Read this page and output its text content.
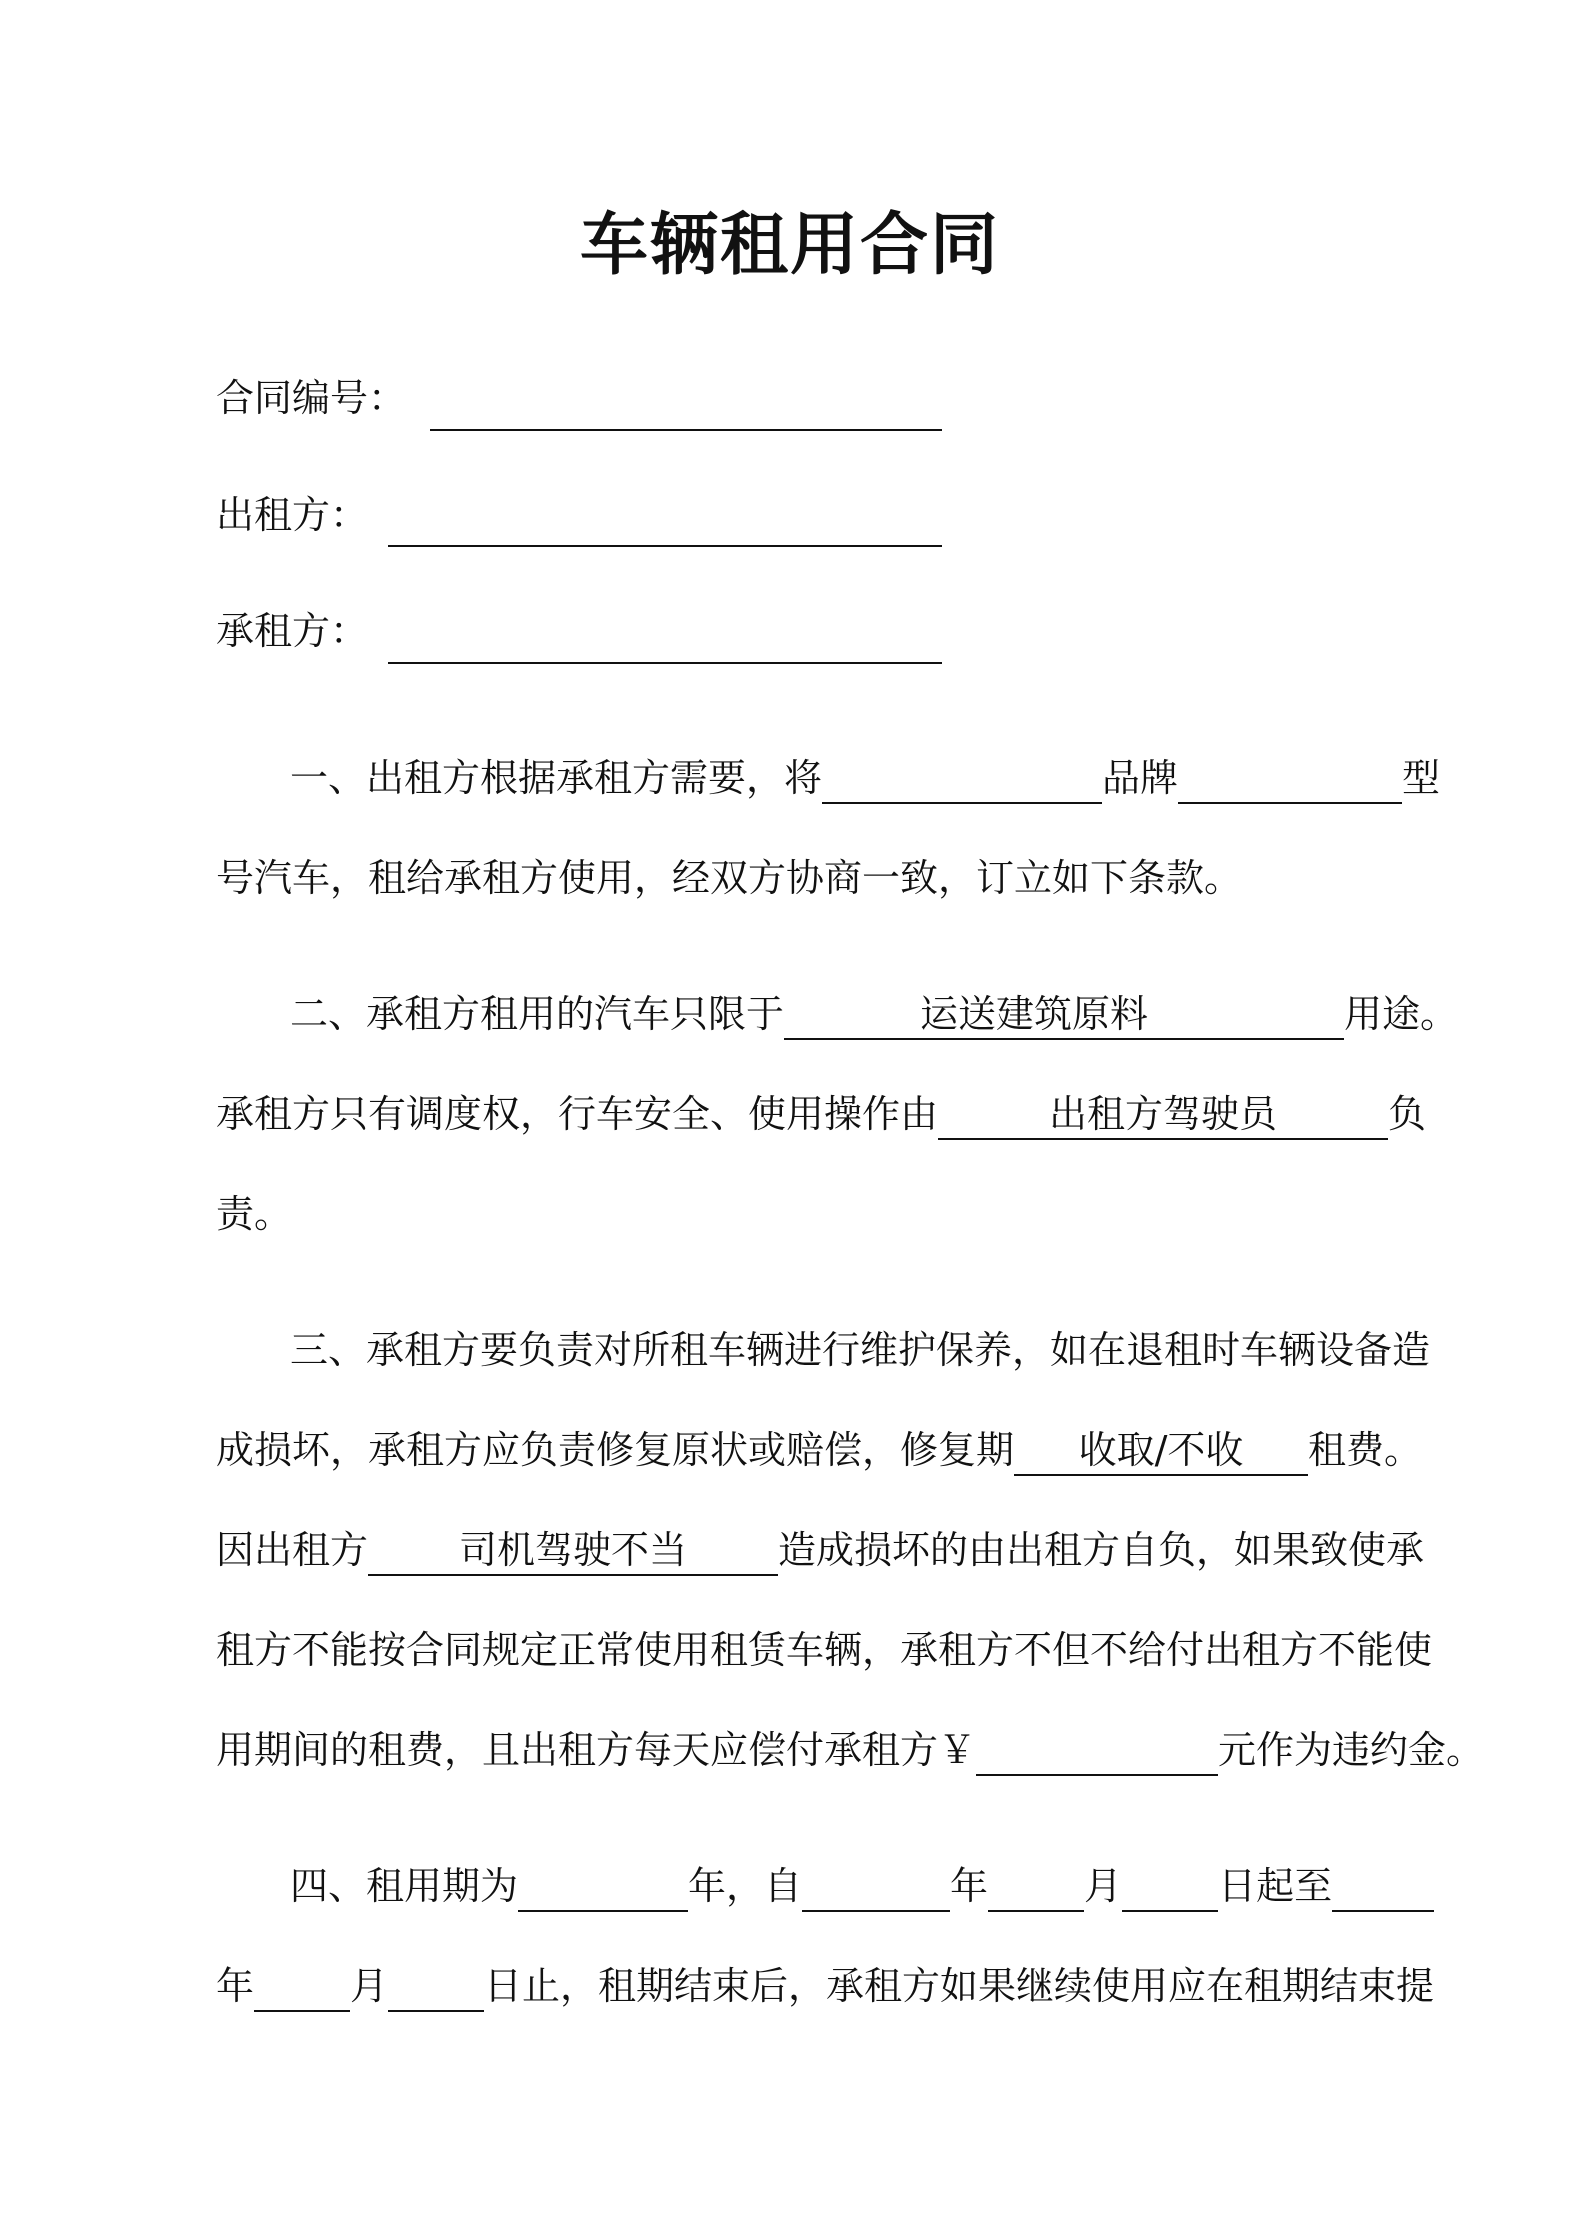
车辆租用合同
合同编号：
出租方：
承租方：
一、出租方根据承租方需要，将	品牌	型
号汽车，租给承租方使用，经双方协商一致，订立如下条款。
二、承租方租用的汽车只限于	运送建筑原料	用途。
承租方只有调度权，行车安全、使用操作由	出租方驾驶员	负
责。
三、承租方要负责对所租车辆进行维护保养，如在退租时车辆设备造
成损坏，承租方应负责修复原状或赔偿，修复期 收取/不收 租费。
因出租方 司机驾驶不当 造成损坏的由出租方自负，如果致使承
租方不能按合同规定正常使用租赁车辆，承租方不但不给付出租方不能使
用期间的租费，且出租方每天应偿付承租方￥	元作为违约金。
四、租用期为	年，自	年	月	日起至
年	月	日止，租期结束后，承租方如果继续使用应在租期结束提
